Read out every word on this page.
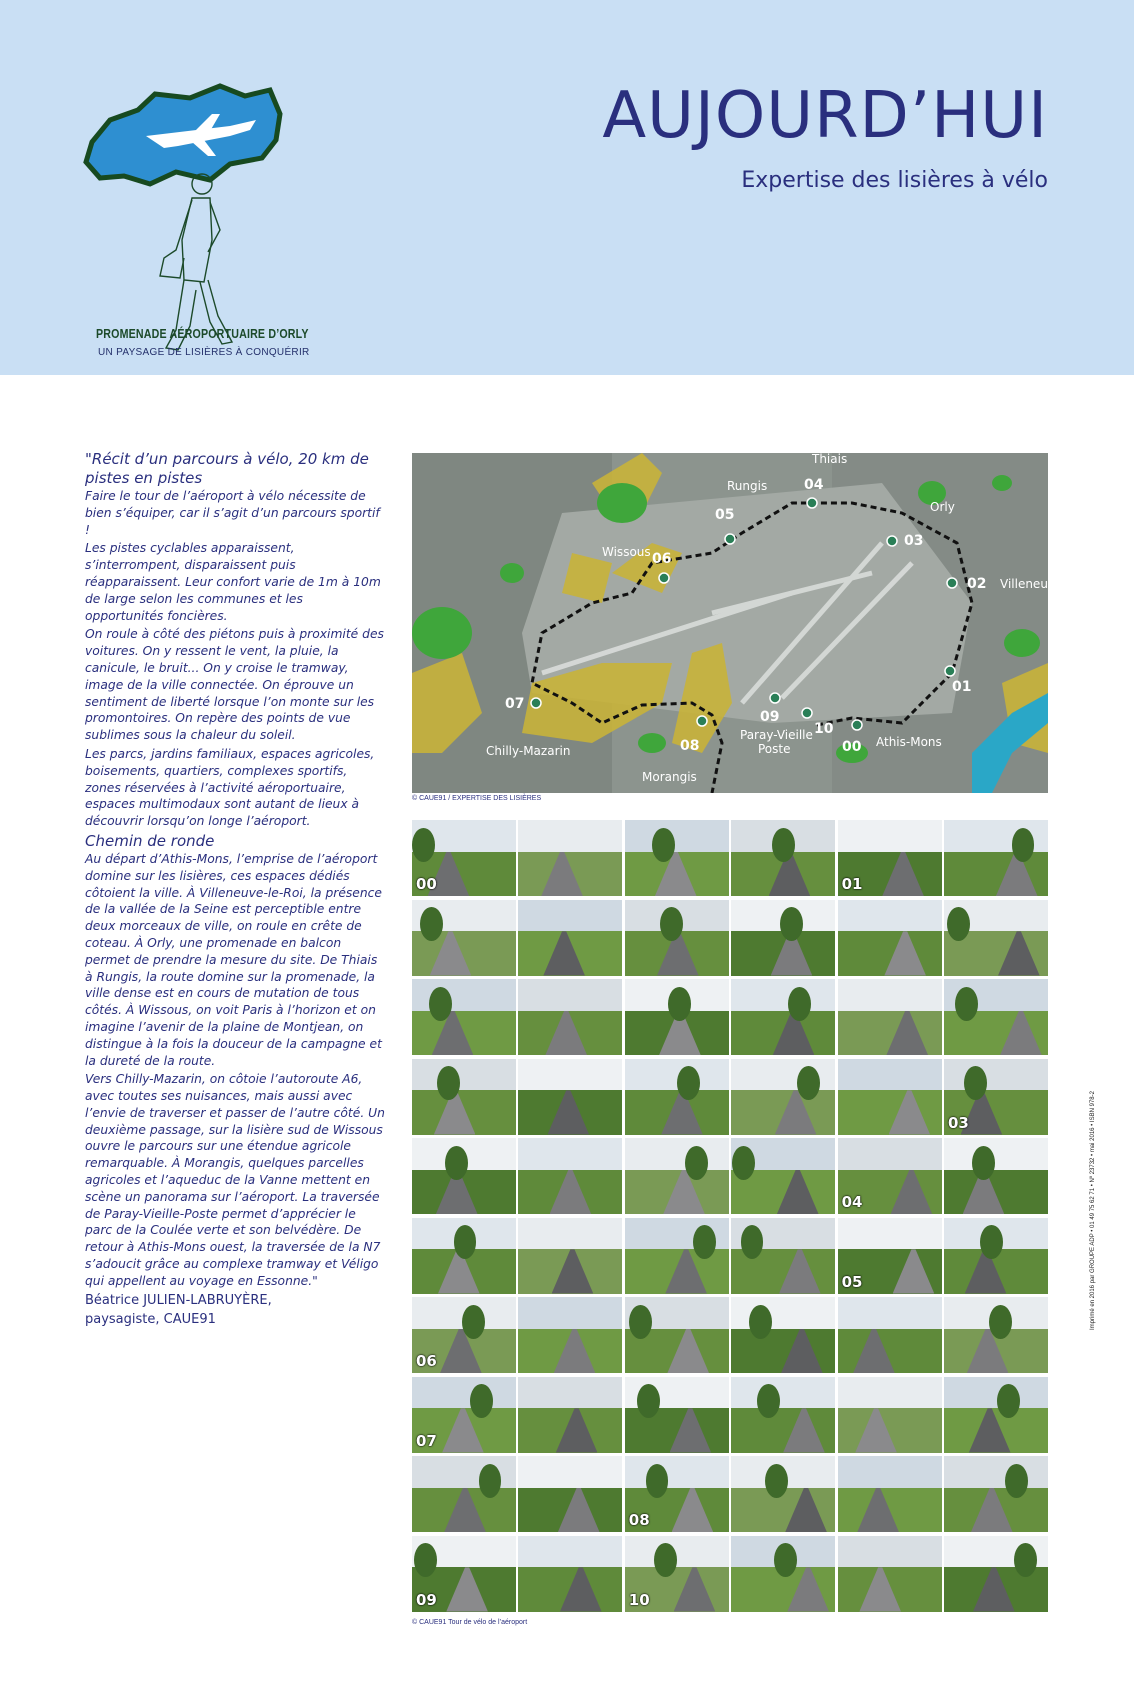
PROMENADE AÉROPORTUAIRE D’ORLY
UN PAYSAGE DE LISIÈRES À CONQUÉRIR
AUJOURD’HUI
Expertise des lisières à vélo

"Récit d’un parcours à vélo, 20 km de pistes en pistes

Faire le tour de l’aéroport à vélo nécessite de bien s’équiper, car il s’agit d’un parcours sportif !

Les pistes cyclables apparaissent, s’interrompent, disparaissent puis réapparaissent. Leur confort varie de 1m à 10m de large selon les communes et les opportunités foncières.

On roule à côté des piétons puis à proximité des voitures. On y ressent le vent, la pluie, la canicule, le bruit... On y croise le tramway, image de la ville connectée. On éprouve un sentiment de liberté lorsque l’on monte sur les promontoires. On repère des points de vue sublimes sous la chaleur du soleil.

Les parcs, jardins familiaux, espaces agricoles, boisements, quartiers, complexes sportifs, zones réservées à l’activité aéroportuaire, espaces multimodaux sont autant de lieux à découvrir lorsqu’on longe l’aéroport.

Chemin de ronde

Au départ d’Athis-Mons, l’emprise de l’aéroport domine sur les lisières, ces espaces dédiés côtoient la ville. À Villeneuve-le-Roi, la présence de la vallée de la Seine est perceptible entre deux morceaux de ville, on roule en crête de coteau. À Orly, une promenade en balcon permet de prendre la mesure du site. De Thiais à Rungis, la route domine sur la promenade, la ville dense est en cours de mutation de tous côtés. À Wissous, on voit Paris à l’horizon et on imagine l’avenir de la plaine de Montjean, on distingue à la fois la douceur de la campagne et la dureté de la route.

Vers Chilly-Mazarin, on côtoie l’autoroute A6, avec toutes ses nuisances, mais aussi avec l’envie de traverser et passer de l’autre côté. Un deuxième passage, sur la lisière sud de Wissous ouvre le parcours sur une étendue agricole remarquable. À Morangis, quelques parcelles agricoles et l’aqueduc de la Vanne mettent en scène un panorama sur l’aéroport. La traversée de Paray-Vieille-Poste permet d’apprécier le parc de la Coulée verte et son belvédère. De retour à Athis-Mons ouest, la traversée de la N7 s’adoucit grâce au complexe tramway et Véligo qui appellent au voyage en Essonne."

Béatrice JULIEN-LABRUYÈRE,
paysagiste, CAUE91
Thiais
Rungis
Orly
Wissous
Villeneu
Chilly-Mazarin
Paray-Vieille
Poste	Athis-Mons
Morangis
00
01
02
03
04
05
06
07
08
09
10
© CAUE91 / EXPERTISE DES LISIÈRES
00	01
03
04
05
06
07
08
09	10
© CAUE91 Tour de vélo de l’aéroport
Imprimé en 2016 par GROUPE ADP • 01 49 75 62 71 • Nº 23732 • mai 2016 • ISBN 978-2
